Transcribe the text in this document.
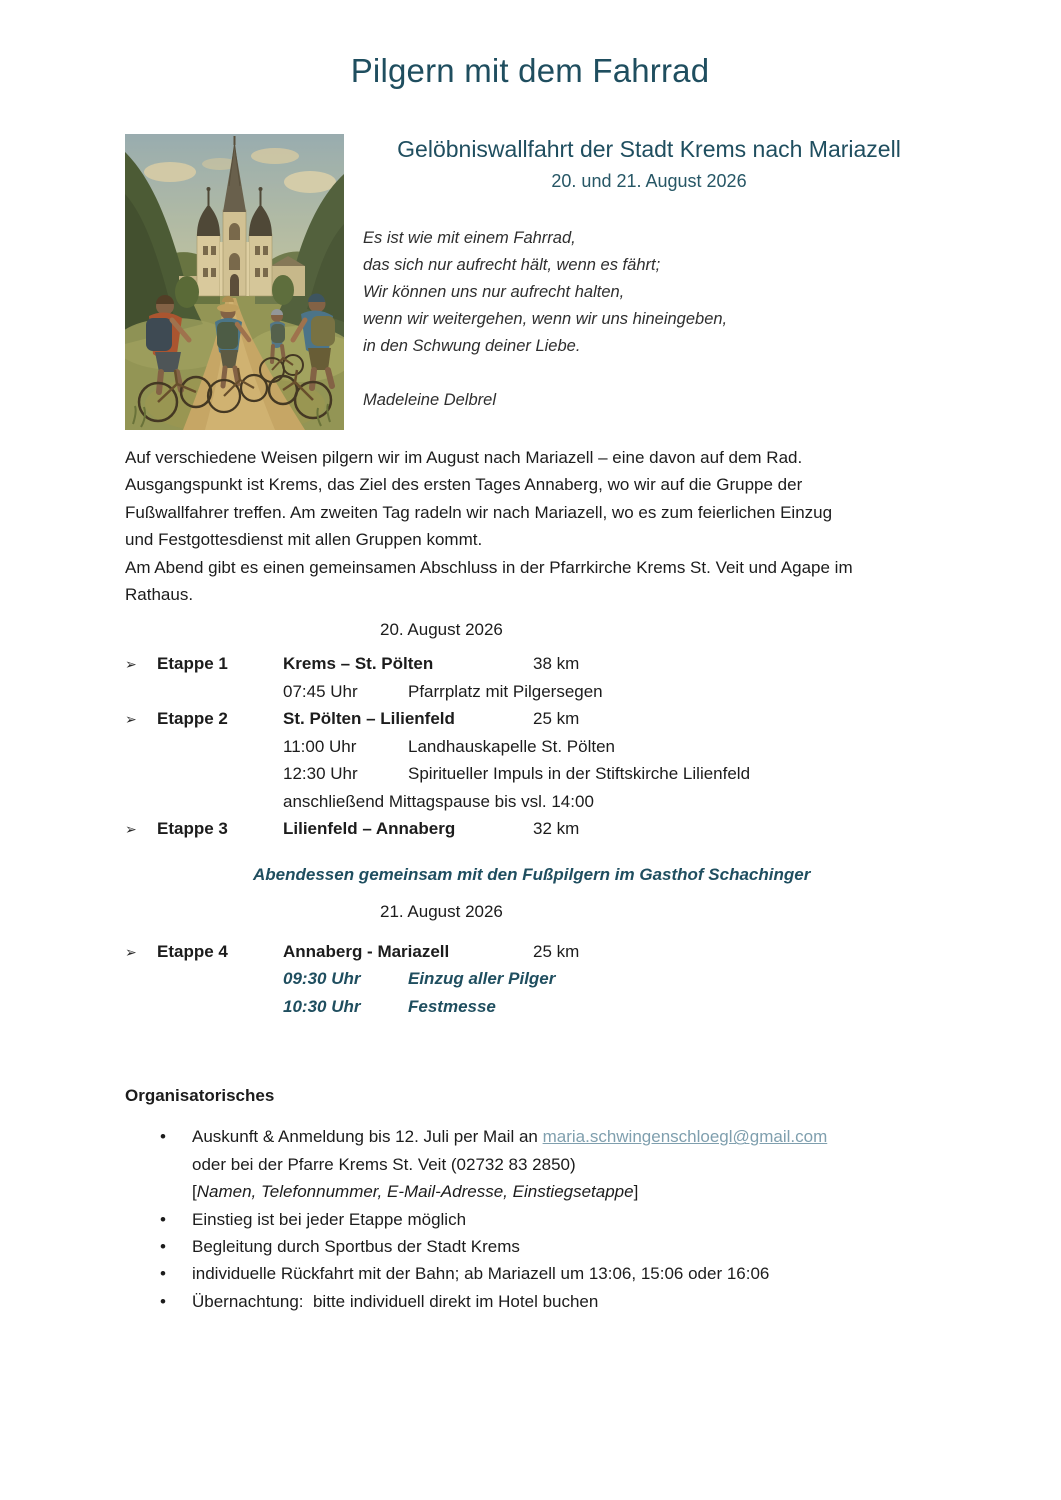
Pilgern mit dem Fahrrad
Gelöbniswallfahrt der Stadt Krems nach Mariazell
20. und 21. August 2026
Es ist wie mit einem Fahrrad,
das sich nur aufrecht hält, wenn es fährt;
Wir können uns nur aufrecht halten,
wenn wir weitergehen, wenn wir uns hineingeben,
in den Schwung deiner Liebe.
Madeleine Delbrel
Auf verschiedene Weisen pilgern wir im August nach Mariazell – eine davon auf dem Rad.
Ausgangspunkt ist Krems, das Ziel des ersten Tages Annaberg, wo wir auf die Gruppe der
Fußwallfahrer treffen. Am zweiten Tag radeln wir nach Mariazell, wo es zum feierlichen Einzug
und Festgottesdienst mit allen Gruppen kommt.
Am Abend gibt es einen gemeinsamen Abschluss in der Pfarrkirche Krems St. Veit und Agape im
Rathaus.
20. August 2026
➢
Etappe 1	Krems – St. Pölten	38 km
07:45 Uhr	Pfarrplatz mit Pilgersegen
➢
Etappe 2	St. Pölten – Lilienfeld	25 km
11:00 Uhr	Landhauskapelle St. Pölten
12:30 Uhr	Spiritueller Impuls in der Stiftskirche Lilienfeld
anschließend Mittagspause bis vsl. 14:00
➢
Etappe 3	Lilienfeld – Annaberg	32 km
Abendessen gemeinsam mit den Fußpilgern im Gasthof Schachinger
21. August 2026
➢
Etappe 4	Annaberg - Mariazell	25 km
09:30 Uhr	Einzug aller Pilger
10:30 Uhr	Festmesse
Organisatorisches
•
Auskunft & Anmeldung bis 12. Juli per Mail an maria.schwingenschloegl@gmail.com
oder bei der Pfarre Krems St. Veit (02732 83 2850)
[Namen, Telefonnummer, E-Mail-Adresse, Einstiegsetappe]
•
Einstieg ist bei jeder Etappe möglich
•
Begleitung durch Sportbus der Stadt Krems
•
individuelle Rückfahrt mit der Bahn; ab Mariazell um 13:06, 15:06 oder 16:06
•
Übernachtung:  bitte individuell direkt im Hotel buchen
